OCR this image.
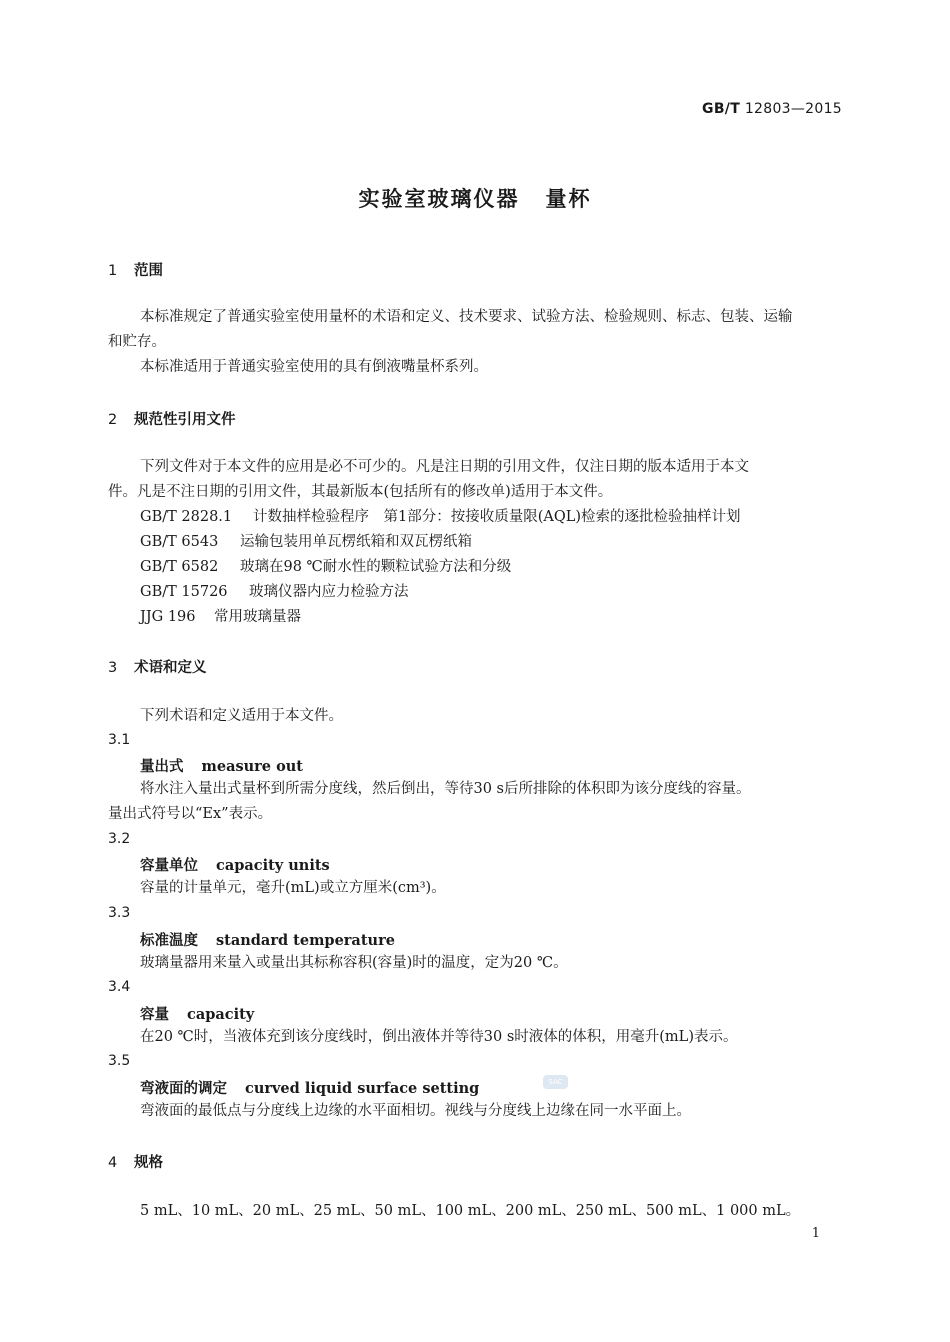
GB/T 12803—2015
实验室玻璃仪器 量杯
1 范围
本标准规定了普通实验室使用量杯的术语和定义、技术要求、试验方法、检验规则、标志、包装、运输
和贮存。
本标准适用于普通实验室使用的具有倒液嘴量杯系列。
2 规范性引用文件
下列文件对于本文件的应用是必不可少的。凡是注日期的引用文件，仅注日期的版本适用于本文
件。凡是不注日期的引用文件，其最新版本(包括所有的修改单)适用于本文件。
GB/T 2828.1 计数抽样检验程序　第1部分：按接收质量限(AQL)检索的逐批检验抽样计划
GB/T 6543 运输包装用单瓦楞纸箱和双瓦楞纸箱
GB/T 6582 玻璃在98 ℃耐水性的颗粒试验方法和分级
GB/T 15726 玻璃仪器内应力检验方法
JJG 196 常用玻璃量器
3 术语和定义
下列术语和定义适用于本文件。
3.1
量出式 measure out
将水注入量出式量杯到所需分度线，然后倒出，等待30 s后所排除的体积即为该分度线的容量。
量出式符号以“Ex”表示。
3.2
容量单位 capacity units
容量的计量单元，毫升(mL)或立方厘米(cm³)。
3.3
标准温度 standard temperature
玻璃量器用来量入或量出其标称容积(容量)时的温度，定为20 ℃。
3.4
容量 capacity
在20 ℃时，当液体充到该分度线时，倒出液体并等待30 s时液体的体积，用毫升(mL)表示。
3.5
弯液面的调定 curved liquid surface setting	SAC
弯液面的最低点与分度线上边缘的水平面相切。视线与分度线上边缘在同一水平面上。
4 规格
5 mL、10 mL、20 mL、25 mL、50 mL、100 mL、200 mL、250 mL、500 mL、1 000 mL。
1
